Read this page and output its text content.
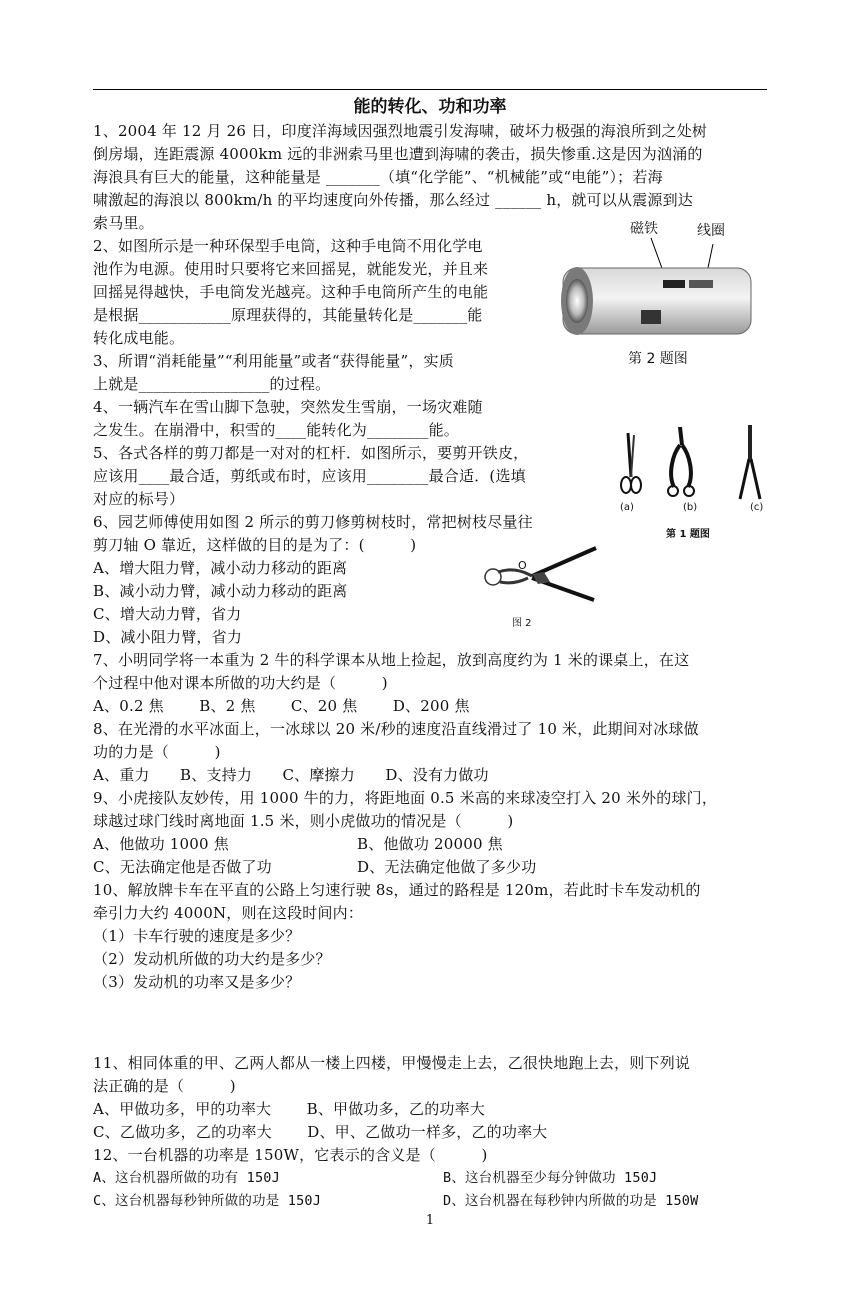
能的转化、功和功率
1、2004 年 12 月 26 日，印度洋海域因强烈地震引发海啸，破坏力极强的海浪所到之处树
倒房塌，连距震源 4000km 远的非洲索马里也遭到海啸的袭击，损失惨重.这是因为汹涌的
海浪具有巨大的能量，这种能量是 _______（填“化学能”、“机械能”或“电能”）；若海
啸激起的海浪以 800km/h 的平均速度向外传播，那么经过 ______ h，就可以从震源到达
索马里。
2、如图所示是一种环保型手电筒，这种手电筒不用化学电
池作为电源。使用时只要将它来回摇晃，就能发光，并且来
回摇晃得越快，手电筒发光越亮。这种手电筒所产生的电能
是根据____________原理获得的，其能量转化是_______能
转化成电能。
3、所谓“消耗能量”“利用能量”或者“获得能量”，实质
上就是_________________的过程。
4、一辆汽车在雪山脚下急驶，突然发生雪崩，一场灾难随
之发生。在崩滑中，积雪的____能转化为________能。
5、各式各样的剪刀都是一对对的杠杆．如图所示，要剪开铁皮，
应该用____最合适，剪纸或布时，应该用________最合适．(选填
对应的标号）
6、园艺师傅使用如图 2 所示的剪刀修剪树枝时，常把树枝尽量往
剪刀轴 O 靠近，这样做的目的是为了：(　　　)
A、增大阻力臂，减小动力移动的距离
B、减小动力臂，减小动力移动的距离
C、增大动力臂，省力
D、减小阻力臂，省力
7、小明同学将一本重为 2 牛的科学课本从地上捡起，放到高度约为 1 米的课桌上，在这
个过程中他对课本所做的功大约是（　　　)
A、0.2 焦　　 B、2 焦　　 C、20 焦　　 D、200 焦
8、在光滑的水平冰面上，一冰球以 20 米/秒的速度沿直线滑过了 10 米，此期间对冰球做
功的力是（　　　)
A、重力　　B、支持力　　C、摩擦力　　D、没有力做功
9、小虎接队友妙传，用 1000 牛的力，将距地面 0.5 米高的来球凌空打入 20 米外的球门，
球越过球门线时离地面 1.5 米，则小虎做功的情况是（　　　)
A、他做功 1000 焦	B、他做功 20000 焦
C、无法确定他是否做了功	D、无法确定他做了多少功
10、解放牌卡车在平直的公路上匀速行驶 8s，通过的路程是 120m，若此时卡车发动机的
牵引力大约 4000N，则在这段时间内：
（1）卡车行驶的速度是多少？
（2）发动机所做的功大约是多少？
（3）发动机的功率又是多少？
11、相同体重的甲、乙两人都从一楼上四楼，甲慢慢走上去，乙很快地跑上去，则下列说
法正确的是（　　　)
A、甲做功多，甲的功率大　　 B、甲做功多，乙的功率大
C、乙做功多，乙的功率大　　 D、甲、乙做功一样多，乙的功率大
12、一台机器的功率是 150W，它表示的含义是（　　　)
A、这台机器所做的功有 150J	B、这台机器至少每分钟做功 150J
C、这台机器每秒钟所做的功是 150J	D、这台机器在每秒钟内所做的功是 150W
磁铁	线圈
第 2 题图
(a)	(b)	(c)
第 1 题图
O
图 2
1
